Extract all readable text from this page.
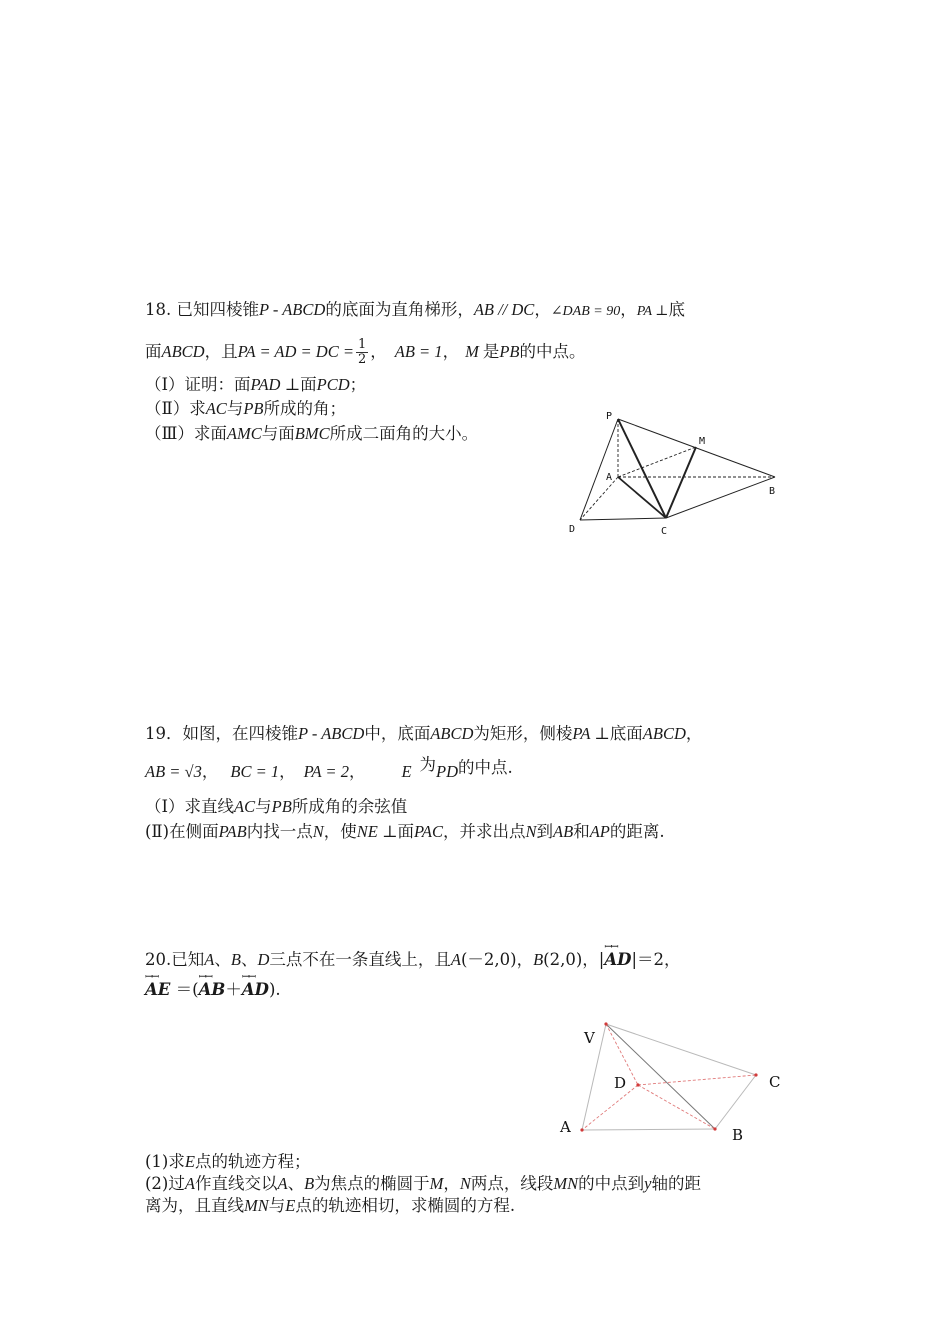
18. 已知四棱锥P - ABCD的底面为直角梯形，AB // DC，∠DAB = 90，PA ⊥底
面ABCD，且PA = AD = DC = $\frac{1}{2}$ ， AB = 1， M 是PB的中点。
（Ⅰ）证明：面PAD ⊥面PCD；
（Ⅱ）求AC与PB所成的角；
（Ⅲ）求面AMC与面BMC所成二面角的大小。
P
M
A
B
D	C
19．如图，在四棱锥P - ABCD中，底面ABCD为矩形，侧棱PA ⊥底面ABCD，
AB = √3， BC = 1， PA = 2， E 为PD的中点.
（Ⅰ）求直线AC与PB所成角的余弦值
(Ⅱ)在侧面PAB内找一点N，使NE ⊥面PAC，并求出点N到AB和AP的距离.
20.已知A、B、D三点不在一条直线上，且A(－2,0)，B(2,0)，|ꟷꟷ AD|＝2，
ꟷꟷ AE ＝(ꟷꟷ AB＋ꟷꟷ AD).
V
D	C
A	B
(1)求E点的轨迹方程；
(2)过A作直线交以A、B为焦点的椭圆于M，N两点，线段MN的中点到y轴的距
离为，且直线MN与E点的轨迹相切，求椭圆的方程.
